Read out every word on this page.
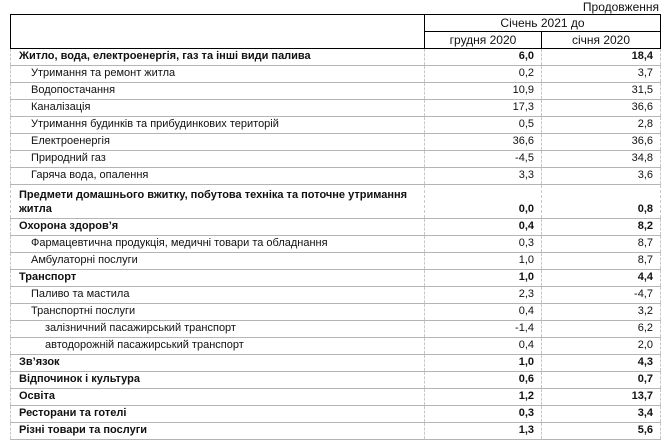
Продовження
	Січень 2021 до	
	грудня 2020	січня 2020
Житло, вода, електроенергія, газ та інші види палива	6,0	18,4
Утримання та ремонт житла	0,2	3,7
Водопостачання	10,9	31,5
Каналізація	17,3	36,6
Утримання будинків та прибудинкових територій	0,5	2,8
Електроенергія	36,6	36,6
Природний газ	-4,5	34,8
Гаряча вода, опалення	3,3	3,6
Предмети домашнього вжитку, побутова техніка та поточне утримання житла	0,0	0,8
Охорона здоров’я	0,4	8,2
Фармацевтична продукція, медичні товари та обладнання	0,3	8,7
Амбулаторні послуги	1,0	8,7
Транспорт	1,0	4,4
Паливо та мастила	2,3	-4,7
Транспортні послуги	0,4	3,2
залізничний пасажирський транспорт	-1,4	6,2
автодорожній пасажирський транспорт	0,4	2,0
Зв’язок	1,0	4,3
Відпочинок і культура	0,6	0,7
Освіта	1,2	13,7
Ресторани та готелі	0,3	3,4
Різні товари та послуги	1,3	5,6
